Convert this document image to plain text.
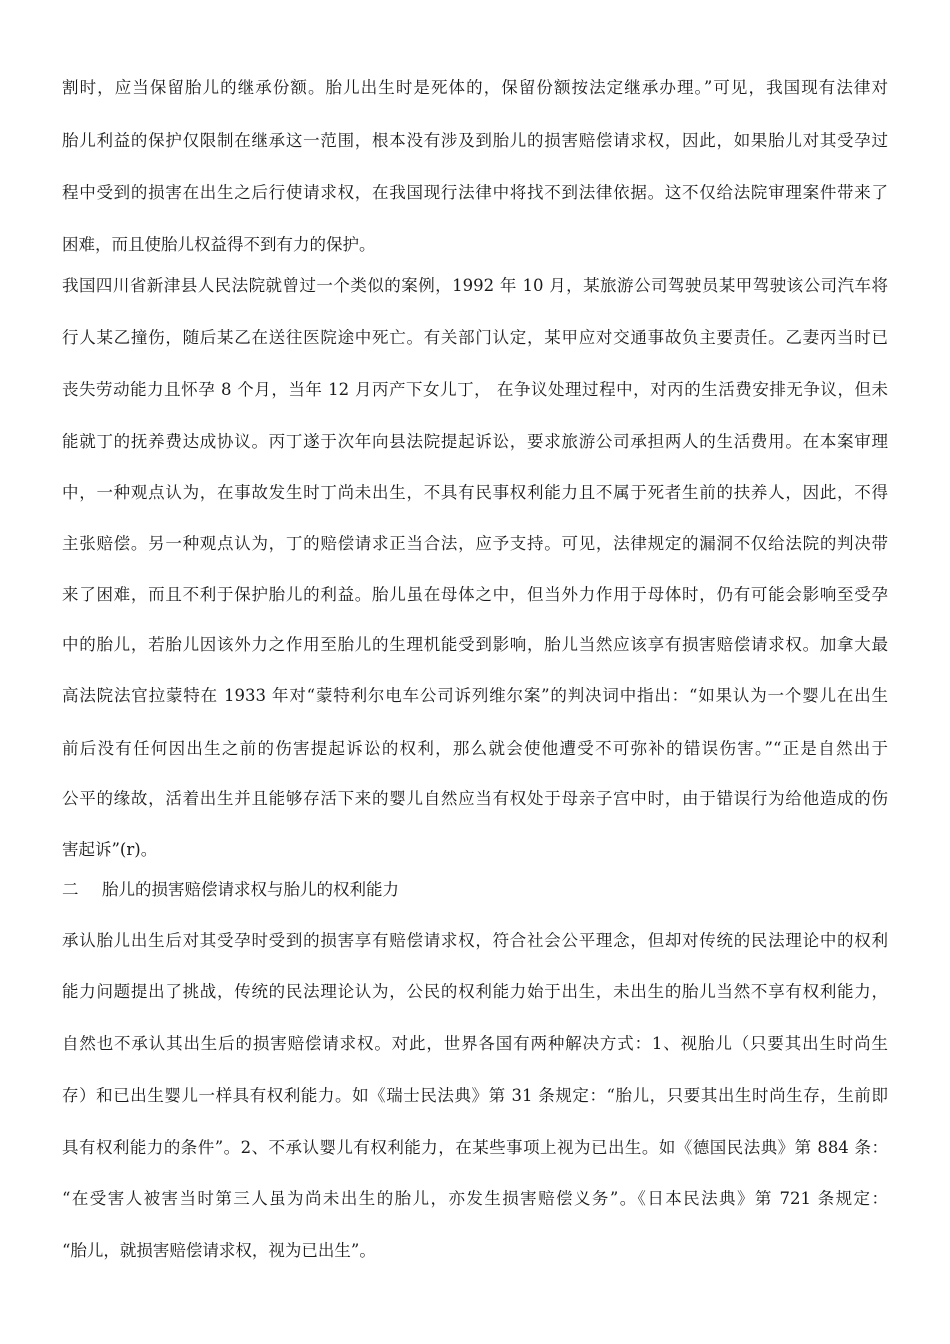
割时，应当保留胎儿的继承份额。胎儿出生时是死体的，保留份额按法定继承办理。”可见，我国现有法律对
胎儿利益的保护仅限制在继承这一范围，根本没有涉及到胎儿的损害赔偿请求权，因此，如果胎儿对其受孕过
程中受到的损害在出生之后行使请求权，在我国现行法律中将找不到法律依据。这不仅给法院审理案件带来了
困难，而且使胎儿权益得不到有力的保护。
我国四川省新津县人民法院就曾过一个类似的案例，1992 年 10 月，某旅游公司驾驶员某甲驾驶该公司汽车将
行人某乙撞伤，随后某乙在送往医院途中死亡。有关部门认定，某甲应对交通事故负主要责任。乙妻丙当时已
丧失劳动能力且怀孕 8 个月，当年 12 月丙产下女儿丁， 在争议处理过程中，对丙的生活费安排无争议，但未
能就丁的抚养费达成协议。丙丁遂于次年向县法院提起诉讼，要求旅游公司承担两人的生活费用。在本案审理
中，一种观点认为，在事故发生时丁尚未出生，不具有民事权利能力且不属于死者生前的扶养人，因此，不得
主张赔偿。另一种观点认为，丁的赔偿请求正当合法，应予支持。可见，法律规定的漏洞不仅给法院的判决带
来了困难，而且不利于保护胎儿的利益。胎儿虽在母体之中，但当外力作用于母体时，仍有可能会影响至受孕
中的胎儿，若胎儿因该外力之作用至胎儿的生理机能受到影响，胎儿当然应该享有损害赔偿请求权。加拿大最
高法院法官拉蒙特在 1933 年对“蒙特利尔电车公司诉列维尔案”的判决词中指出：“如果认为一个婴儿在出生
前后没有任何因出生之前的伤害提起诉讼的权利，那么就会使他遭受不可弥补的错误伤害。”“正是自然出于
公平的缘故，活着出生并且能够存活下来的婴儿自然应当有权处于母亲子宫中时，由于错误行为给他造成的伤
害起诉”(r)。
二 胎儿的损害赔偿请求权与胎儿的权利能力
承认胎儿出生后对其受孕时受到的损害享有赔偿请求权，符合社会公平理念，但却对传统的民法理论中的权利
能力问题提出了挑战，传统的民法理论认为，公民的权利能力始于出生，未出生的胎儿当然不享有权利能力，
自然也不承认其出生后的损害赔偿请求权。对此，世界各国有两种解决方式：1、视胎儿（只要其出生时尚生
存）和已出生婴儿一样具有权利能力。如《瑞士民法典》第 31 条规定：“胎儿，只要其出生时尚生存，生前即
具有权利能力的条件”。2、不承认婴儿有权利能力，在某些事项上视为已出生。如《德国民法典》第 884 条：
“在受害人被害当时第三人虽为尚未出生的胎儿，亦发生损害赔偿义务”。《日本民法典》第 721 条规定：
“胎儿，就损害赔偿请求权，视为已出生”。
